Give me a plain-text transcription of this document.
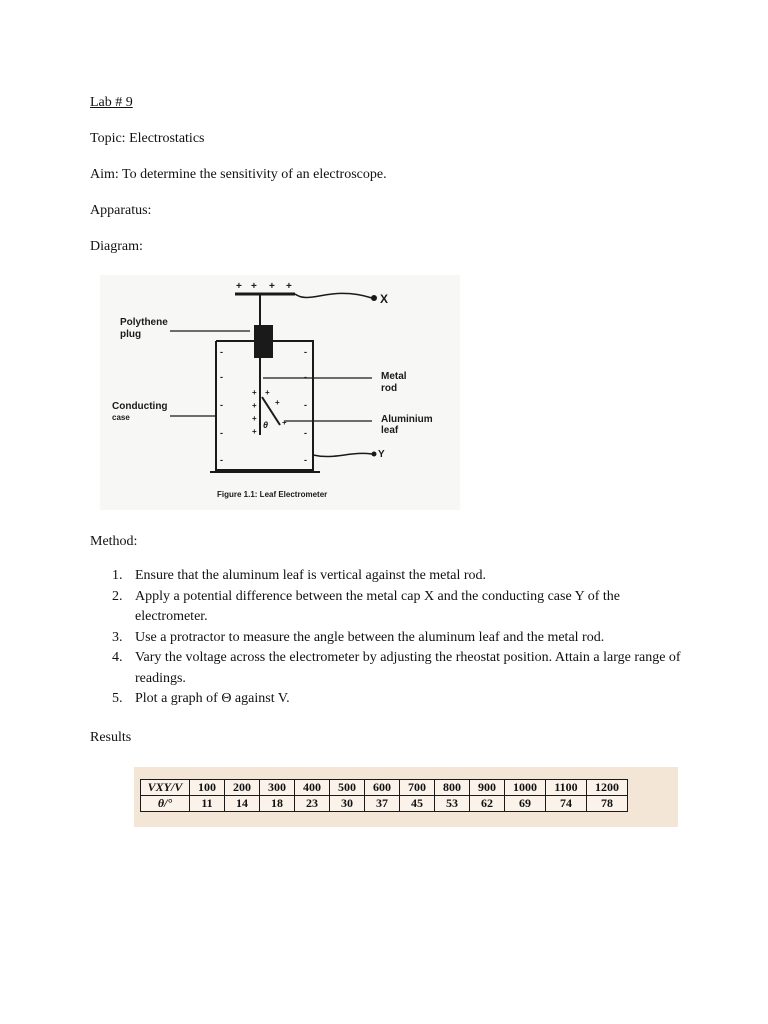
Lab # 9
Topic: Electrostatics
Aim: To determine the sensitivity of an electroscope.
Apparatus:
Diagram:
+ + + +
X
-
-
-
-
-
-
-
-
-
-
+
+
+
+
+
+
+
θ
Y
Polythene
plug
Conducting
case
Metal
rod
Aluminium
leaf
Figure 1.1: Leaf Electrometer
Method:
1. Ensure that the aluminum leaf is vertical against the metal rod.
2. Apply a potential difference between the metal cap X and the conducting case Y of the electrometer.
3. Use a protractor to measure the angle between the aluminum leaf and the metal rod.
4. Vary the voltage across the electrometer by adjusting the rheostat position. Attain a large range of readings.
5. Plot a graph of Θ against V.
Results
VXY/V	100	200	300	400	500	600	700	800	900	1000	1100	1200
θ/°	11	14	18	23	30	37	45	53	62	69	74	78
